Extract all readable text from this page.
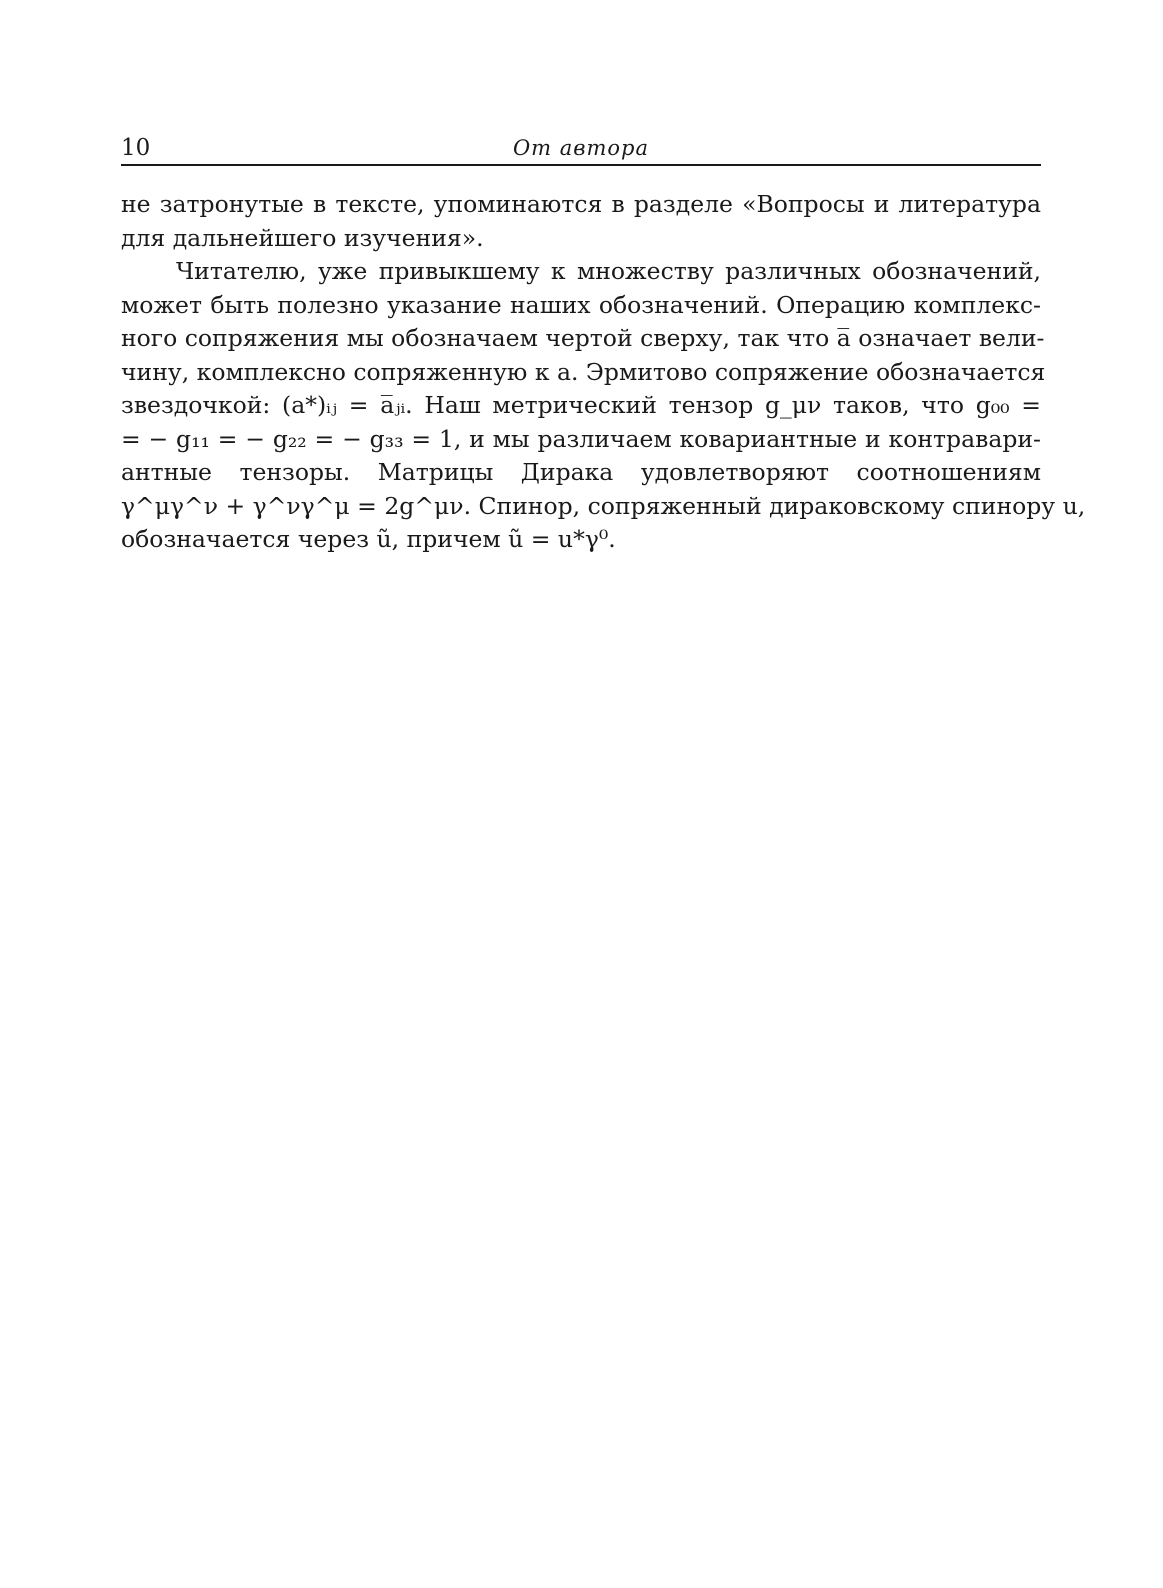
10	От автора
не затронутые в тексте, упоминаются в разделе «Вопросы и литература
для дальнейшего изучения».
Читателю, уже привыкшему к множеству различных обозначений,
может быть полезно указание наших обозначений. Операцию комплекс-
ного сопряжения мы обозначаем чертой сверху, так что a̅ означает вели-
чину, комплексно сопряженную к a. Эрмитово сопряжение обозначается
звездочкой: (a*)ᵢⱼ = a̅ⱼᵢ. Наш метрический тензор g_μν таков, что g₀₀ =
= − g₁₁ = − g₂₂ = − g₃₃ = 1, и мы различаем ковариантные и контравари-
антные тензоры. Матрицы Дирака удовлетворяют соотношениям
γ^μγ^ν + γ^νγ^μ = 2g^μν. Спинор, сопряженный дираковскому спинору u,
обозначается через ũ, причем ũ = u*γ⁰.
